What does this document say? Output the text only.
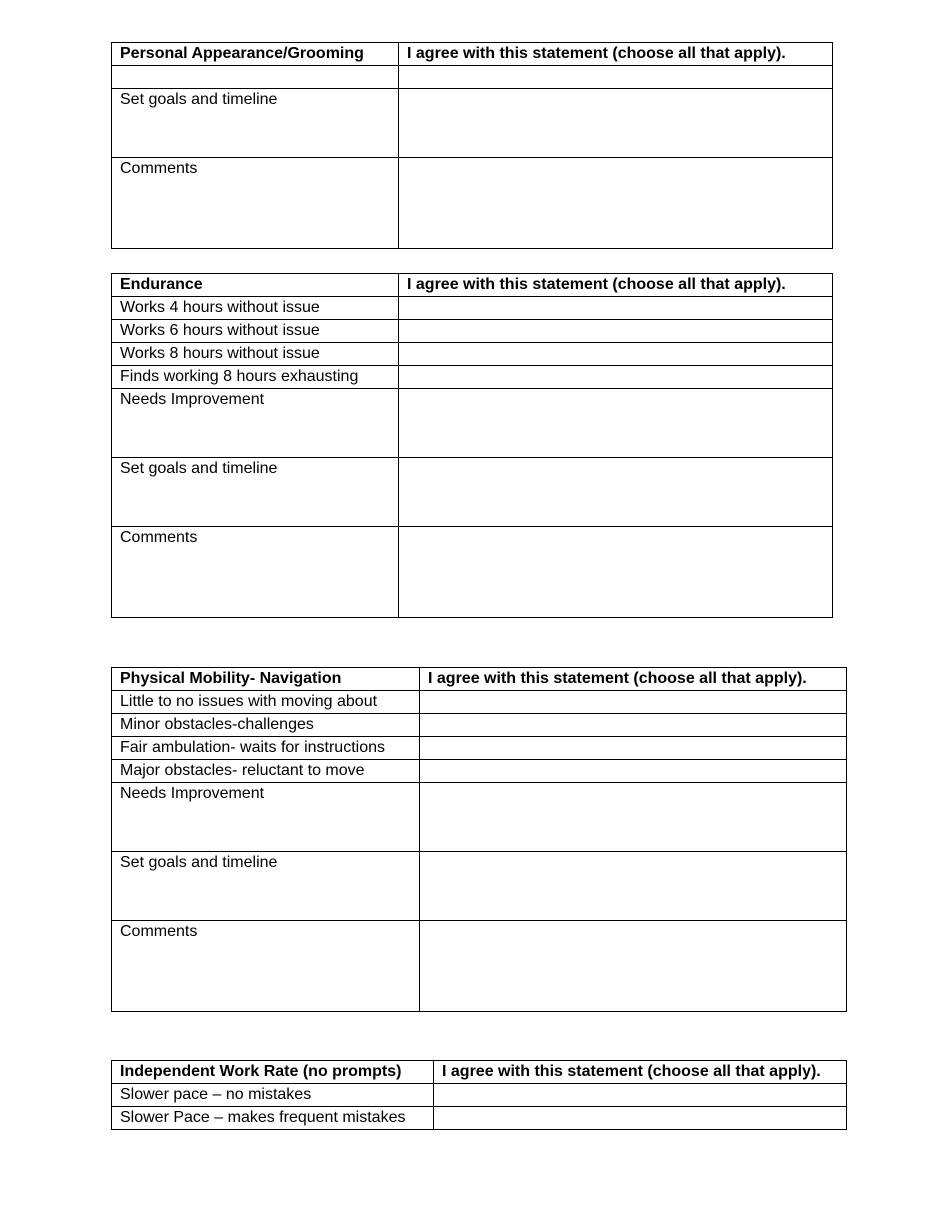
Personal Appearance/Grooming	I agree with this statement (choose all that apply).

Set goals and timeline	
Comments	
Endurance	I agree with this statement (choose all that apply).
Works 4 hours without issue	
Works 6 hours without issue	
Works 8 hours without issue	
Finds working 8 hours exhausting	
Needs Improvement	
Set goals and timeline	
Comments	
Physical Mobility- Navigation	I agree with this statement (choose all that apply).
Little to no issues with moving about	
Minor obstacles-challenges	
Fair ambulation- waits for instructions	
Major obstacles- reluctant to move	
Needs Improvement	
Set goals and timeline	
Comments	
Independent Work Rate (no prompts)	I agree with this statement (choose all that apply).
Slower pace – no mistakes	
Slower Pace – makes frequent mistakes	
